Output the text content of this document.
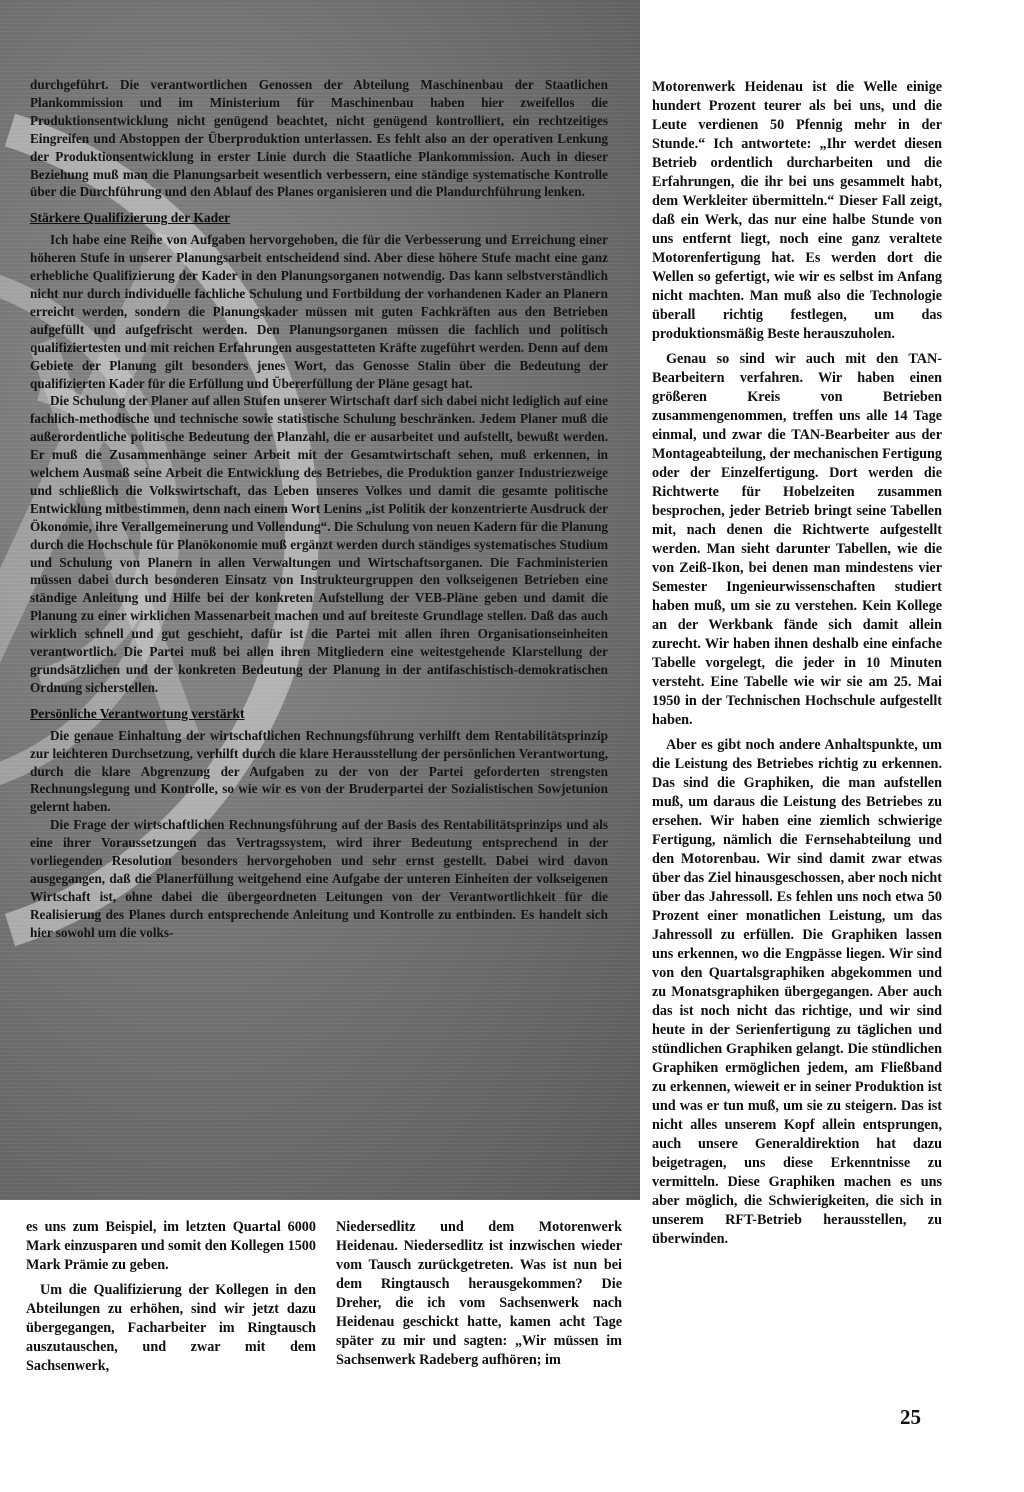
durchgeführt. Die verantwortlichen Genossen der Abteilung Maschinenbau der Staatlichen Plankommission und im Ministerium für Maschinenbau haben hier zweifellos die Produktionsentwicklung nicht genügend beachtet, nicht genügend kontrolliert, ein rechtzeitiges Eingreifen und Abstoppen der Überproduktion unterlassen. Es fehlt also an der operativen Lenkung der Produktionsentwicklung in erster Linie durch die Staatliche Plankommission. Auch in dieser Beziehung muß man die Planungsarbeit wesentlich verbessern, eine ständige systematische Kontrolle über die Durchführung und den Ablauf des Planes organisieren und die Plandurchführung lenken.

Stärkere Qualifizierung der Kader

Ich habe eine Reihe von Aufgaben hervorgehoben, die für die Verbesserung und Erreichung einer höheren Stufe in unserer Planungsarbeit entscheidend sind. Aber diese höhere Stufe macht eine ganz erhebliche Qualifizierung der Kader in den Planungsorganen notwendig. Das kann selbstverständlich nicht nur durch individuelle fachliche Schulung und Fortbildung der vorhandenen Kader an Planern erreicht werden, sondern die Planungskader müssen mit guten Fachkräften aus den Betrieben aufgefüllt und aufgefrischt werden. Den Planungsorganen müssen die fachlich und politisch qualifiziertesten und mit reichen Erfahrungen ausgestatteten Kräfte zugeführt werden. Denn auf dem Gebiete der Planung gilt besonders jenes Wort, das Genosse Stalin über die Bedeutung der qualifizierten Kader für die Erfüllung und Übererfüllung der Pläne gesagt hat.

Die Schulung der Planer auf allen Stufen unserer Wirtschaft darf sich dabei nicht lediglich auf eine fachlich-methodische und technische sowie statistische Schulung beschränken. Jedem Planer muß die außerordentliche politische Bedeutung der Planzahl, die er ausarbeitet und aufstellt, bewußt werden. Er muß die Zusammenhänge seiner Arbeit mit der Gesamtwirtschaft sehen, muß erkennen, in welchem Ausmaß seine Arbeit die Entwicklung des Betriebes, die Produktion ganzer Industriezweige und schließlich die Volkswirtschaft, das Leben unseres Volkes und damit die gesamte politische Entwicklung mitbestimmen, denn nach einem Wort Lenins „ist Politik der konzentrierte Ausdruck der Ökonomie, ihre Verallgemeinerung und Vollendung“. Die Schulung von neuen Kadern für die Planung durch die Hochschule für Planökonomie muß ergänzt werden durch ständiges systematisches Studium und Schulung von Planern in allen Verwaltungen und Wirtschaftsorganen. Die Fachministerien müssen dabei durch besonderen Einsatz von Instrukteurgruppen den volkseigenen Betrieben eine ständige Anleitung und Hilfe bei der konkreten Aufstellung der VEB-Pläne geben und damit die Planung zu einer wirklichen Massenarbeit machen und auf breiteste Grundlage stellen. Daß das auch wirklich schnell und gut geschieht, dafür ist die Partei mit allen ihren Organisationseinheiten verantwortlich. Die Partei muß bei allen ihren Mitgliedern eine weitestgehende Klarstellung der grundsätzlichen und der konkreten Bedeutung der Planung in der antifaschistisch-demokratischen Ordnung sicherstellen.

Persönliche Verantwortung verstärkt

Die genaue Einhaltung der wirtschaftlichen Rechnungsführung verhilft dem Rentabilitätsprinzip zur leichteren Durchsetzung, verhilft durch die klare Herausstellung der persönlichen Verantwortung, durch die klare Abgrenzung der Aufgaben zu der von der Partei geforderten strengsten Rechnungslegung und Kontrolle, so wie wir es von der Bruderpartei der Sozialistischen Sowjetunion gelernt haben.

Die Frage der wirtschaftlichen Rechnungsführung auf der Basis des Rentabilitätsprinzips und als eine ihrer Voraussetzungen das Vertragssystem, wird ihrer Bedeutung entsprechend in der vorliegenden Resolution besonders hervorgehoben und sehr ernst gestellt. Dabei wird davon ausgegangen, daß die Planerfüllung weitgehend eine Aufgabe der unteren Einheiten der volkseigenen Wirtschaft ist, ohne dabei die übergeordneten Leitungen von der Verantwortlichkeit für die Realisierung des Planes durch entsprechende Anleitung und Kontrolle zu entbinden. Es handelt sich hier sowohl um die volks-

Motorenwerk Heidenau ist die Welle einige hundert Prozent teurer als bei uns, und die Leute verdienen 50 Pfennig mehr in der Stunde.“ Ich antwortete: „Ihr werdet diesen Betrieb ordentlich durcharbeiten und die Erfahrungen, die ihr bei uns gesammelt habt, dem Werkleiter übermitteln.“ Dieser Fall zeigt, daß ein Werk, das nur eine halbe Stunde von uns entfernt liegt, noch eine ganz veraltete Motorenfertigung hat. Es werden dort die Wellen so gefertigt, wie wir es selbst im Anfang nicht machten. Man muß also die Technologie überall richtig festlegen, um das produktionsmäßig Beste herauszuholen.

Genau so sind wir auch mit den TAN-Bearbeitern verfahren. Wir haben einen größeren Kreis von Betrieben zusammengenommen, treffen uns alle 14 Tage einmal, und zwar die TAN-Bearbeiter aus der Montageabteilung, der mechanischen Fertigung oder der Einzelfertigung. Dort werden die Richtwerte für Hobelzeiten zusammen besprochen, jeder Betrieb bringt seine Tabellen mit, nach denen die Richtwerte aufgestellt werden. Man sieht darunter Tabellen, wie die von Zeiß-Ikon, bei denen man mindestens vier Semester Ingenieurwissenschaften studiert haben muß, um sie zu verstehen. Kein Kollege an der Werkbank fände sich damit allein zurecht. Wir haben ihnen deshalb eine einfache Tabelle vorgelegt, die jeder in 10 Minuten versteht. Eine Tabelle wie wir sie am 25. Mai 1950 in der Technischen Hochschule aufgestellt haben.

Aber es gibt noch andere Anhaltspunkte, um die Leistung des Betriebes richtig zu erkennen. Das sind die Graphiken, die man aufstellen muß, um daraus die Leistung des Betriebes zu ersehen. Wir haben eine ziemlich schwierige Fertigung, nämlich die Fernsehabteilung und den Motorenbau. Wir sind damit zwar etwas über das Ziel hinausgeschossen, aber noch nicht über das Jahressoll. Es fehlen uns noch etwa 50 Prozent einer monatlichen Leistung, um das Jahressoll zu erfüllen. Die Graphiken lassen uns erkennen, wo die Engpässe liegen. Wir sind von den Quartalsgraphiken abgekommen und zu Monatsgraphiken übergegangen. Aber auch das ist noch nicht das richtige, und wir sind heute in der Serienfertigung zu täglichen und stündlichen Graphiken gelangt. Die stündlichen Graphiken ermöglichen jedem, am Fließband zu erkennen, wieweit er in seiner Produktion ist und was er tun muß, um sie zu steigern. Das ist nicht alles unserem Kopf allein entsprungen, auch unsere Generaldirektion hat dazu beigetragen, uns diese Erkenntnisse zu vermitteln. Diese Graphiken machen es uns aber möglich, die Schwierigkeiten, die sich in unserem RFT-Betrieb herausstellen, zu überwinden.

es uns zum Beispiel, im letzten Quartal 6000 Mark einzusparen und somit den Kollegen 1500 Mark Prämie zu geben.

Um die Qualifizierung der Kollegen in den Abteilungen zu erhöhen, sind wir jetzt dazu übergegangen, Facharbeiter im Ringtausch auszutauschen, und zwar mit dem Sachsenwerk,

Niedersedlitz und dem Motorenwerk Heidenau. Niedersedlitz ist inzwischen wieder vom Tausch zurückgetreten. Was ist nun bei dem Ringtausch herausgekommen? Die Dreher, die ich vom Sachsenwerk nach Heidenau geschickt hatte, kamen acht Tage später zu mir und sagten: „Wir müssen im Sachsenwerk Radeberg aufhören; im

25
